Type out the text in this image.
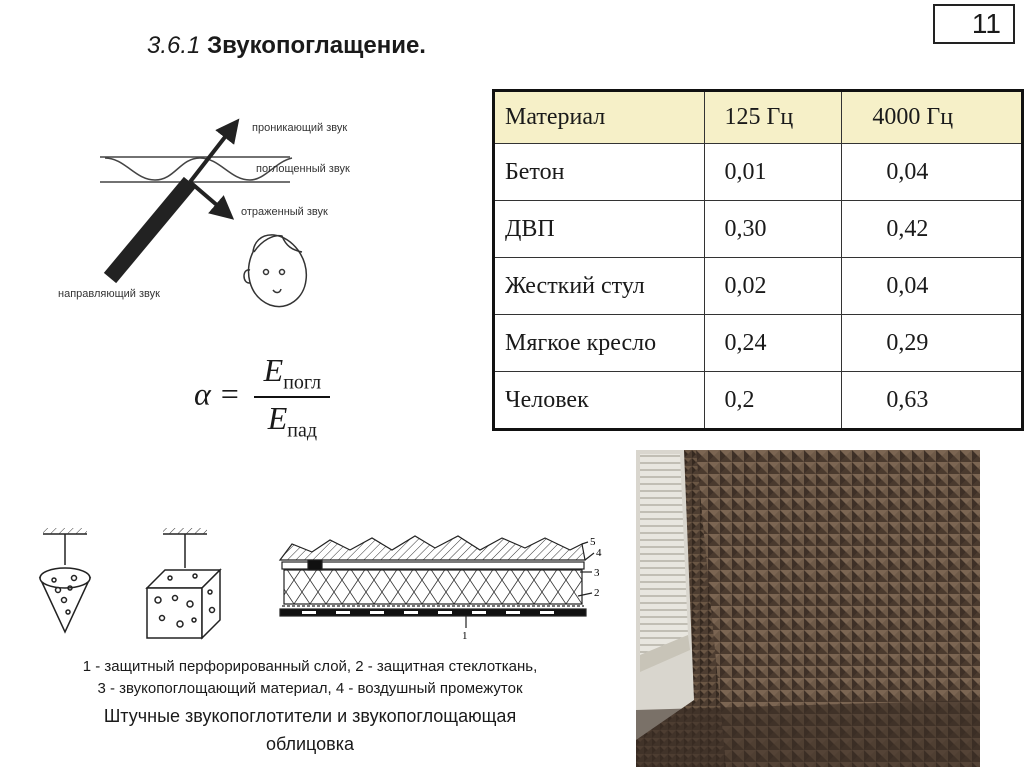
11
3.6.1 Звукопоглащение.
проникающий звук
поглощенный звук
отраженный звук
направляющий звук
$\alpha = \frac{E_{погл}}{E_{пад}}$
Материал	125 Гц	4000 Гц
Бетон	0,01	0,04
ДВП	0,30	0,42
Жесткий стул	0,02	0,04
Мягкое кресло	0,24	0,29
Человек	0,2	0,63
5
4
3
2
1
1 - защитный перфорированный слой, 2 - защитная стеклоткань,
3 - звукопоглощающий материал, 4 - воздушный промежуток
Штучные звукопоглотители и звукопоглощающая
облицовка
